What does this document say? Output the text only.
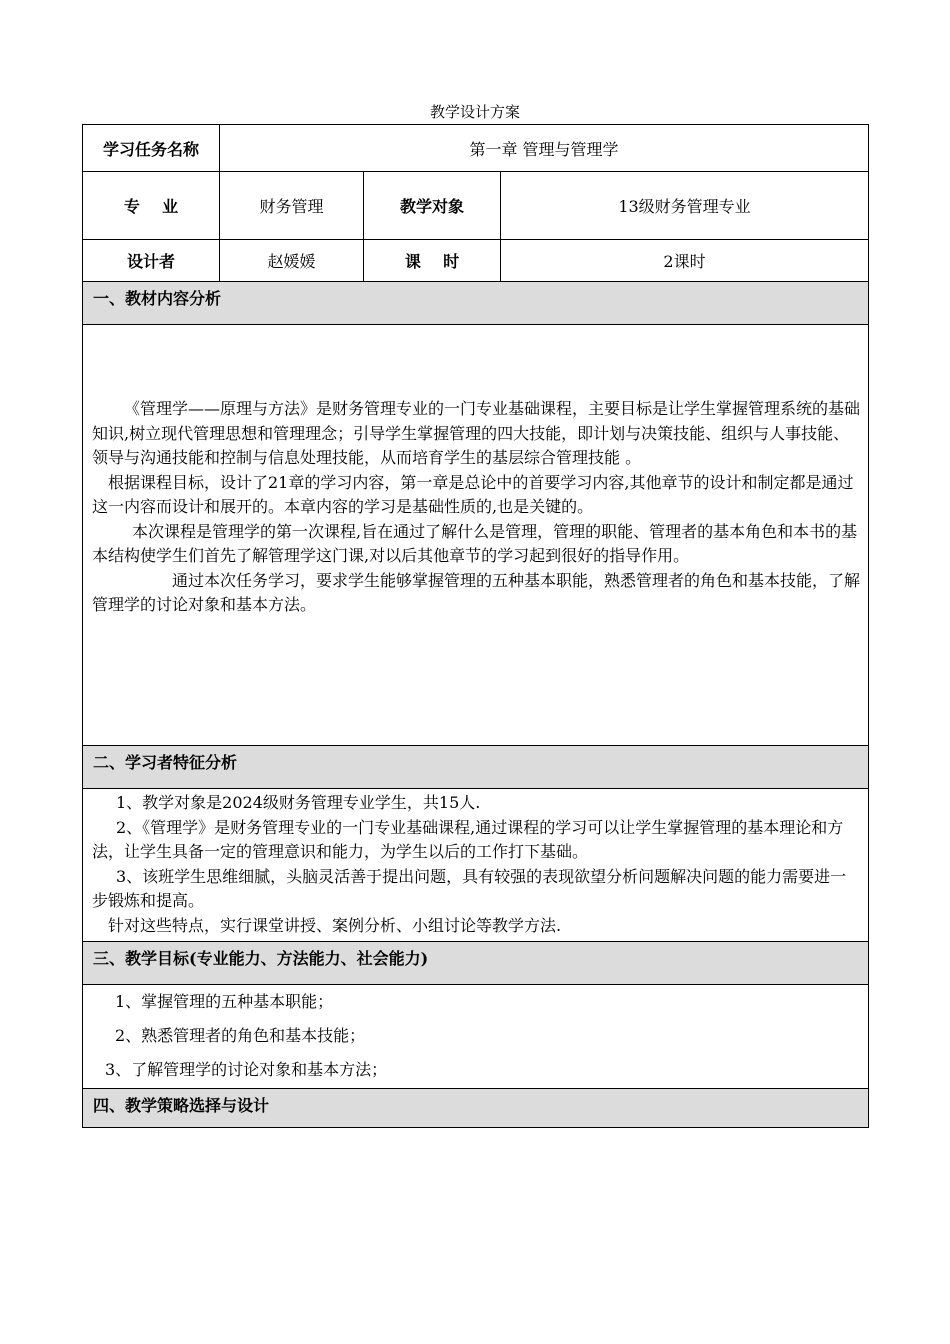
教学设计方案
学习任务名称	第一章 管理与管理学		
专    业	财务管理	教学对象	13级财务管理专业
设计者	赵媛媛	课    时	2课时
一、教材内容分析			

《管理学——原理与方法》是财务管理专业的一门专业基础课程，主要目标是让学生掌握管理系统的基础知识,树立现代管理思想和管理理念；引导学生掌握管理的四大技能，即计划与决策技能、组织与人事技能、领导与沟通技能和控制与信息处理技能，从而培育学生的基层综合管理技能 。

根据课程目标，设计了21章的学习内容，第一章是总论中的首要学习内容,其他章节的设计和制定都是通过这一内容而设计和展开的。本章内容的学习是基础性质的,也是关键的。

本次课程是管理学的第一次课程,旨在通过了解什么是管理，管理的职能、管理者的基本角色和本书的基本结构使学生们首先了解管理学这门课,对以后其他章节的学习起到很好的指导作用。

通过本次任务学习，要求学生能够掌握管理的五种基本职能，熟悉管理者的角色和基本技能，了解管理学的讨论对象和基本方法。			

二、学习者特征分析			

1、教学对象是2024级财务管理专业学生，共15人.

2、《管理学》是财务管理专业的一门专业基础课程,通过课程的学习可以让学生掌握管理的基本理论和方法，让学生具备一定的管理意识和能力，为学生以后的工作打下基础。

3、该班学生思维细腻，头脑灵活善于提出问题，具有较强的表现欲望分析问题解决问题的能力需要进一步锻炼和提高。

针对这些特点，实行课堂讲授、案例分析、小组讨论等教学方法.			

三、教学目标(专业能力、方法能力、社会能力)			

1、掌握管理的五种基本职能；

2、熟悉管理者的角色和基本技能；

3、了解管理学的讨论对象和基本方法；			

四、教学策略选择与设计			
